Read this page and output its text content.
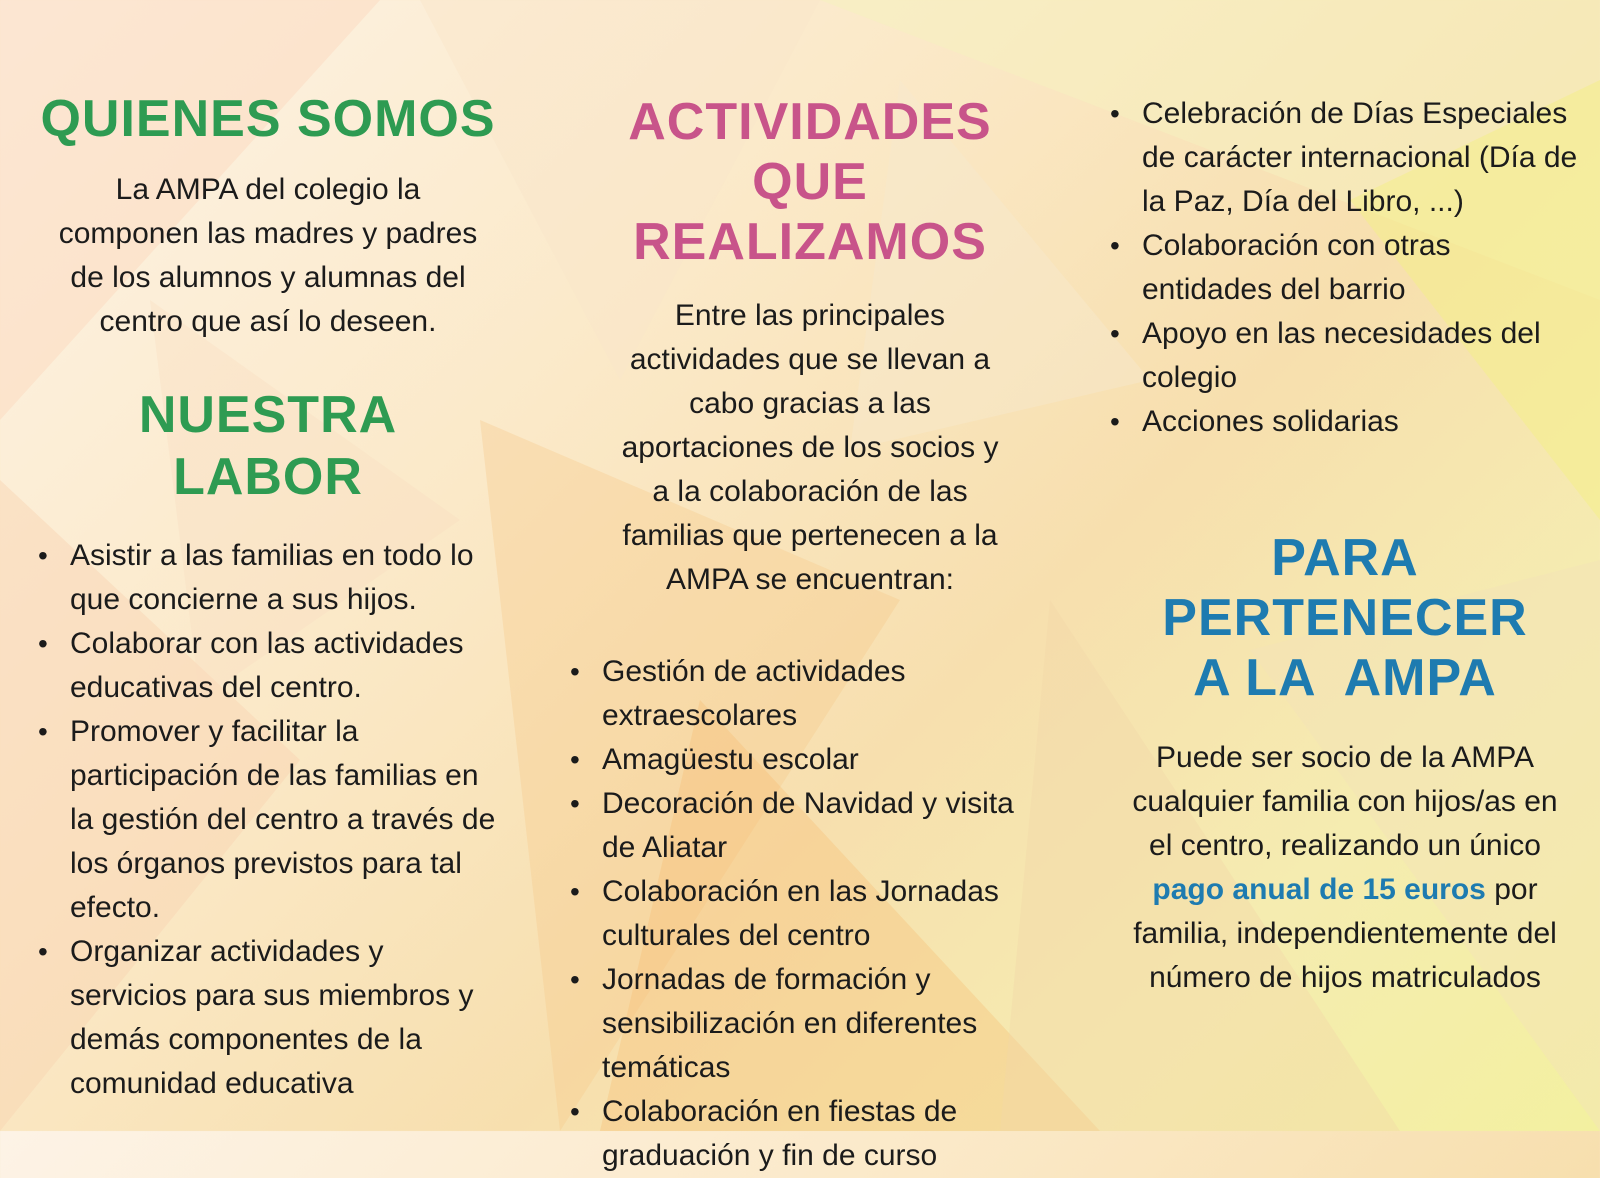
QUIENES SOMOS

La AMPA del colegio la componen las madres y padres de los alumnos y alumnas del centro que así lo deseen.

NUESTRA LABOR
• Asistir a las familias en todo lo que concierne a sus hijos.
• Colaborar con las actividades educativas del centro.
• Promover y facilitar la participación de las familias en la gestión del centro a través de los órganos previstos para tal efecto.
• Organizar actividades y servicios para sus miembros y demás componentes de la comunidad educativa
ACTIVIDADES QUE
REALIZAMOS

Entre las principales actividades que se llevan a cabo gracias a las aportaciones de los socios y a la colaboración de las familias que pertenecen a la AMPA se encuentran:

• Gestión de actividades extraescolares
• Amagüestu escolar
• Decoración de Navidad y visita de Aliatar
• Colaboración en las Jornadas culturales del centro
• Jornadas de formación y sensibilización en diferentes temáticas
• Colaboración en fiestas de graduación y fin de curso
• Celebración de Días Especiales de carácter internacional (Día de la Paz, Día del Libro, ...)
• Colaboración con otras entidades del barrio
• Apoyo en las necesidades del colegio
• Acciones solidarias
PARA PERTENECER
A LA  AMPA

Puede ser socio de la AMPA cualquier familia con hijos/as en el centro, realizando un único pago anual de 15 euros por familia, independientemente del número de hijos matriculados
